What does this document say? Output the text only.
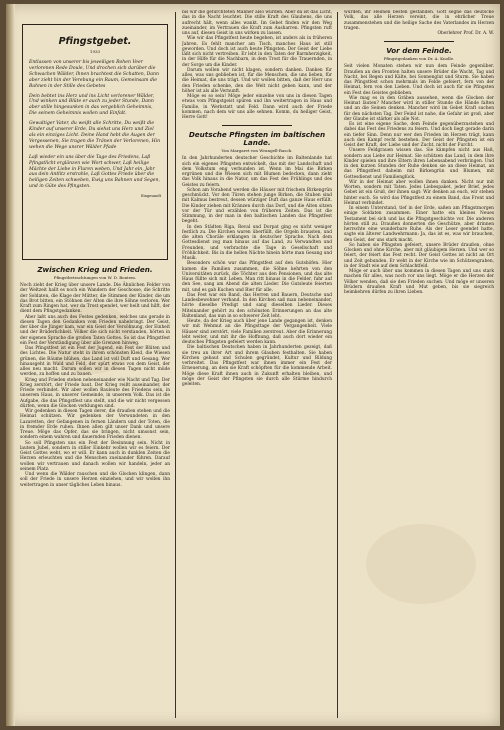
Pfingstgebet.
1933

Entlassen von unserer bis jeweiligen Rohen Veer verlorenen Rede Doule, Und drochen sich darüber die Schwachen Wälder, Ihnen brachtest die Schatten, Dann aber zieht hin der Verebung ein Raum, Gemeinsam die Bahnen in der Stille des Gebetes

Dein bebtet ins Herz und ins Licht verlorener Wälder, Und winken und Blüte er auch zu jeder Stunde, Dann aber stille hingesunken in das vergeblich Geheimnis, Die seinem Geheimnis wollen und Einfalt.

Gewaltiger Vater, du weißt alle Schritte, Du weißt die Kinder auf unserer Erde, Du siehst uns Herz und Ziel als ein einziges Licht. Deine Hand hebt die Augen der Vergessenen, Sie tragen die Tränen der Verlorenen, Hin wehen die Wege unsrer Wälder Pfade

Laß wieder ein uns über die Tage des Friedens, Laß Pfingstlicht erglänzen wie Wort schwer, Laß heilige Mächte der Liebe in Fluren weben, Und Jahr ein, Jahr aus dein Antlitz erstrahle, Laß Gottes Friede über die heiligen Zeiten schweben, Ewig uns Bahnen und Segen, und in Güte des Pfingsten.

Eingesandt
Zwischen Krieg und Frieden.
Pfingstbetrachtungen von W. D. Bontem.

Noch zieht der Krieg über unsere Lande. Die Ähnlichen Felder von der Weltzeit hallt es noch ein Wandern der Geschosse, die Schritte der Soldaten, die Klage der Mütter, die Stimmen der Kinder, die um das Brot bitten, ein Stöhnen der Alten die ihre Söhne verloren. Wer Kraft zum Ringen hat, wer da Trost spendet, wer heilt und hilft, der dient dem Pfingstgedanken.

Aber laßt uns auch des Festes gedenken, welches uns gerade in diesen Tagen den Gedanken vom Frieden nahebringt. Der Geist, der über die Jünger kam, war ein Geist der Versöhnung, der Einheit und der Brüderlichkeit. Völker die sich nicht verstanden, hörten in der eigenen Sprache die großen Taten Gottes. So ist das Pfingstfest ein Fest der Verständigung über alle Grenzen hinweg.

Das Pfingstfest ist ein Fest der Jugend, ein Fest der Blüten und des Lichtes. Die Natur steht in ihrem schönsten Kleid, die Wiesen grünen, die Bäume blühen, das Land ist voll Duft und Gesang. Wer hinausgeht in Wald und Feld, der spürt etwas von dem Geist, der alles neu macht. Darum sollen wir in diesen Tagen nicht müde werden, zu hoffen und zu bauen.

Krieg und Frieden stehen nebeneinander wie Nacht und Tag. Der Krieg zerstört, der Friede baut. Der Krieg reißt auseinander, der Friede verbindet. Wir aber wollen Bauleute des Friedens sein, in unserem Haus, in unserer Gemeinde, in unserem Volk. Das ist die Aufgabe, die das Pfingstfest uns stellt, und die wir nicht vergessen dürfen, wenn die Glocken verklungen sind.

Wir gedenken in diesen Tagen derer, die draußen stehen und die Heimat schützen. Wir gedenken der Verwundeten in den Lazaretten, der Gefangenen in fernen Ländern und der Toten, die in fremder Erde ruhen. Ihnen allen gilt unser Dank und unsere Treue. Möge das Opfer, das sie bringen, nicht umsonst sein, sondern einem wahren und dauernden Frieden dienen.

So soll Pfingsten uns ein Fest der Besinnung sein. Nicht in lautem Jubel, sondern in stiller Einkehr wollen wir es feiern. Der Geist Gottes weht, wo er will. Er kann auch in dunklen Zeiten die Herzen erleuchten und die Menschen zueinander führen. Darauf wollen wir vertrauen und danach wollen wir handeln, jeder an seinem Platz.

Und wenn die Wälder rauschen und die Glocken klingen, dann soll der Friede in unsere Herzen einziehen, und wir wollen ihn weitertragen in unser tägliches Leben hinaus.

bis wir die gefürchteten Männer also würden. Aber da ist das Licht, das in die Nacht leuchtet. Die stille Kraft des Glaubens, die uns aufrecht hält, wenn alles wankt. Im Gebet finden wir den Weg zueinander, im Vertrauen die Kraft zum Ausharren. Pfingsten ruft uns auf, diesen Geist in uns wirken zu lassen.

Wie wir das Pfingstfest heute begehen, ist anders als in früheren Jahren. Es fehlt mancher am Tisch, manches Haus ist still geworden. Und doch ist auch heute Pfingsten. Der Geist der Liebe läßt sich nicht vertreiben. Er lebt in den Taten der Barmherzigkeit, in der Hilfe für die Nachbarn, in dem Trost für die Trauernden, in der Sorge um die Kinder.

Darum wollen wir nicht klagen, sondern danken. Danken für alles, was uns geblieben ist, für die Menschen, die uns lieben, für die Heimat, die uns trägt. Und wir wollen bitten, daß der Herr uns den Frieden schenke, den die Welt nicht geben kann, und der höher ist als alle Vernunft.

Möge es so sein! Möge jeder einzelne von uns in diesen Tagen etwas vom Pfingstgeist spüren und ihn weitertragen in Haus und Familie, in Werkstatt und Feld. Dann wird auch der Friede kommen, nach dem wir uns alle sehnen. Komm, du heiliger Geist, Herre Gott!

Deutsche Pfingsten im baltischen Lande.
Von Margaret von Wrangell-Rasch.

In den Jahrhunderten deutscher Geschichte im Baltenlande hat sich ein eigenes Pfingsten entwickelt, das mit der Landschaft und dem Volkstum eng verbunden ist. Wenn im Mai die Birken ergrünen und die Wiesen sich mit Blumen bedecken, dann zieht das Volk hinaus in die Natur, um das Fest des Frühlings und des Geistes zu feiern.

Schon am Vorabend werden die Häuser mit frischem Birkengrün geschmückt. Vor den Türen stehen junge Birken, die Stuben sind mit Kalmus bestreut, dessen würziger Duft das ganze Haus erfüllt. Die Kinder ziehen mit Kränzen durch das Dorf, und die Alten sitzen vor der Tür und erzählen von früheren Zeiten. Das ist die Stimmung, in der man in den baltischen Landen das Pfingstfest begeht.

In den Städten Riga, Reval und Dorpat ging es nicht weniger festlich zu. Die Kirchen waren überfüllt, die Orgeln brausten, und die alten Choräle erklangen in deutscher Sprache. Nach dem Gottesdienst zog man hinaus auf das Land, zu Verwandten und Freunden, und verbrachte die Tage in Gesellschaft und Fröhlichkeit. Bis in die hellen Nächte hinein hörte man Gesang und Musik.

Besonders schön war das Pfingstfest auf den Gutshöfen. Hier kamen die Familien zusammen, die Söhne kehrten von den Universitäten zurück, die Töchter aus den Pensionen, und das alte Haus füllte sich mit Leben. Man ritt hinaus in die Felder, fuhr auf den See, sang am Abend die alten Lieder. Die Gutsleute feierten mit, und es gab Kuchen und Bier für alle.

Das Fest war ein Band, das Herren und Bauern, Deutsche und Landesbewohner verband. In den Kirchen saß man nebeneinander, hörte dieselbe Predigt und sang dieselben Lieder. Dieses Miteinander gehört zu den schönsten Erinnerungen an das alte Baltenland, das nun in so schwerer Zeit lebt.

Heute, da der Krieg auch über jene Lande gegangen ist, denken wir mit Wehmut an die Pfingsttage der Vergangenheit. Viele Häuser sind zerstört, viele Familien zerstreut. Aber die Erinnerung lebt weiter, und mit ihr die Hoffnung, daß auch dort wieder ein deutsches Pfingsten gefeiert werden kann.

Die baltischen Deutschen haben in Jahrhunderten gezeigt, daß sie treu an ihrer Art und ihrem Glauben festhalten. Sie haben Kirchen gebaut und Schulen gegründet, Kultur und Bildung verbreitet. Das Pfingstfest war ihnen immer ein Fest der Erneuerung, an dem sie Kraft schöpften für die kommende Arbeit. Möge diese Kraft ihnen auch in Zukunft erhalten bleiben, und möge der Geist der Pfingsten sie durch alle Stürme hindurch geleiten.

wurden, ihr Heimen besten gestanden. Gott segne das deutsche Volk, das alle Herzen vereint, die in ehrlicher Treue zusammenstehen und die heilige Sache des Vaterlandes im Herzen tragen.

Oberlehrer Prof. Dr. A. W.

Vor dem Feinde.
Pfingstgedanken von Dr. A. Knolle.

Seit vielen Monaten stehen wir nun dem Feinde gegenüber. Draußen an den Fronten halten unsere Brüder die Wacht, Tag und Nacht, bei Regen und Kälte, bei Sonnenglut und Sturm. Sie haben das Pfingstfest schon mehrmals im Felde gefeiert, fern von der Heimat, fern von den Lieben. Und doch ist auch für sie Pfingsten ein Fest des Geistes geblieben.

Wie mag es in den Gräben aussehen, wenn die Glocken der Heimat läuten? Mancher wird in stiller Stunde die Hände falten und an die Seinen denken. Mancher wird im Gebet Kraft suchen für den nächsten Tag. Der Feind ist nahe, die Gefahr ist groß, aber der Glaube ist stärker als alle Not.

Es ist eine eigene Sache, dem Feinde gegenüberzustehen und dabei das Fest des Friedens zu feiern. Und doch liegt gerade darin ein tiefer Sinn. Denn nur wer den Frieden im Herzen trägt, kann auch den Kampf recht bestehen. Der Geist der Pfingsten ist ein Geist der Kraft, der Liebe und der Zucht, nicht der Furcht.

Unsere Feldgrauen wissen das. Sie kämpfen nicht aus Haß, sondern aus Liebe zur Heimat. Sie schützen das Land, in dem ihre Kinder spielen und ihre Eltern ihren Lebensabend verbringen. Und in den kurzen Stunden der Ruhe denken sie an diese Heimat, an das Pfingstfest daheim mit Birkengrün und Blumen, mit Gottesdienst und Familienglück.

Wir in der Heimat aber wollen ihnen danken. Nicht nur mit Worten, sondern mit Taten. Jedes Liebespaket, jeder Brief, jedes Gebet ist ein Gruß, der ihnen sagt: Wir denken an euch, wir stehen hinter euch. So wird das Pfingstfest zu einem Band, das Front und Heimat verbindet.

In einem Unterstand, tief in der Erde, saßen am Pfingstmorgen einige Soldaten zusammen. Einer hatte ein kleines Neues Testament bei sich und las die Pfingstgeschichte vor. Die anderen hörten still zu. Draußen donnerten die Geschütze, aber drinnen herrschte eine wunderbare Ruhe. Als der Leser geendet hatte, sagte ein älterer Landwehrmann: Ja, das ist es, was wir brauchen, den Geist, der uns stark macht.

So haben sie Pfingsten gefeiert, unsere Brüder draußen, ohne Glocken und ohne Kirche, aber mit gläubigem Herzen. Und wer so feiert, der feiert das Fest recht. Der Geist Gottes ist nicht an Ort und Zeit gebunden. Er weht in der Kirche wie im Schützengraben, in der Stadt wie auf dem Schlachtfeld.

Möge er auch über uns kommen in diesen Tagen und uns stark machen für alles, was noch vor uns liegt. Möge er die Herzen der Völker wenden, daß sie den Frieden suchen. Und möge er unseren Brüdern draußen Kraft und Mut geben, bis sie siegreich heimkehren dürfen zu ihren Lieben.
